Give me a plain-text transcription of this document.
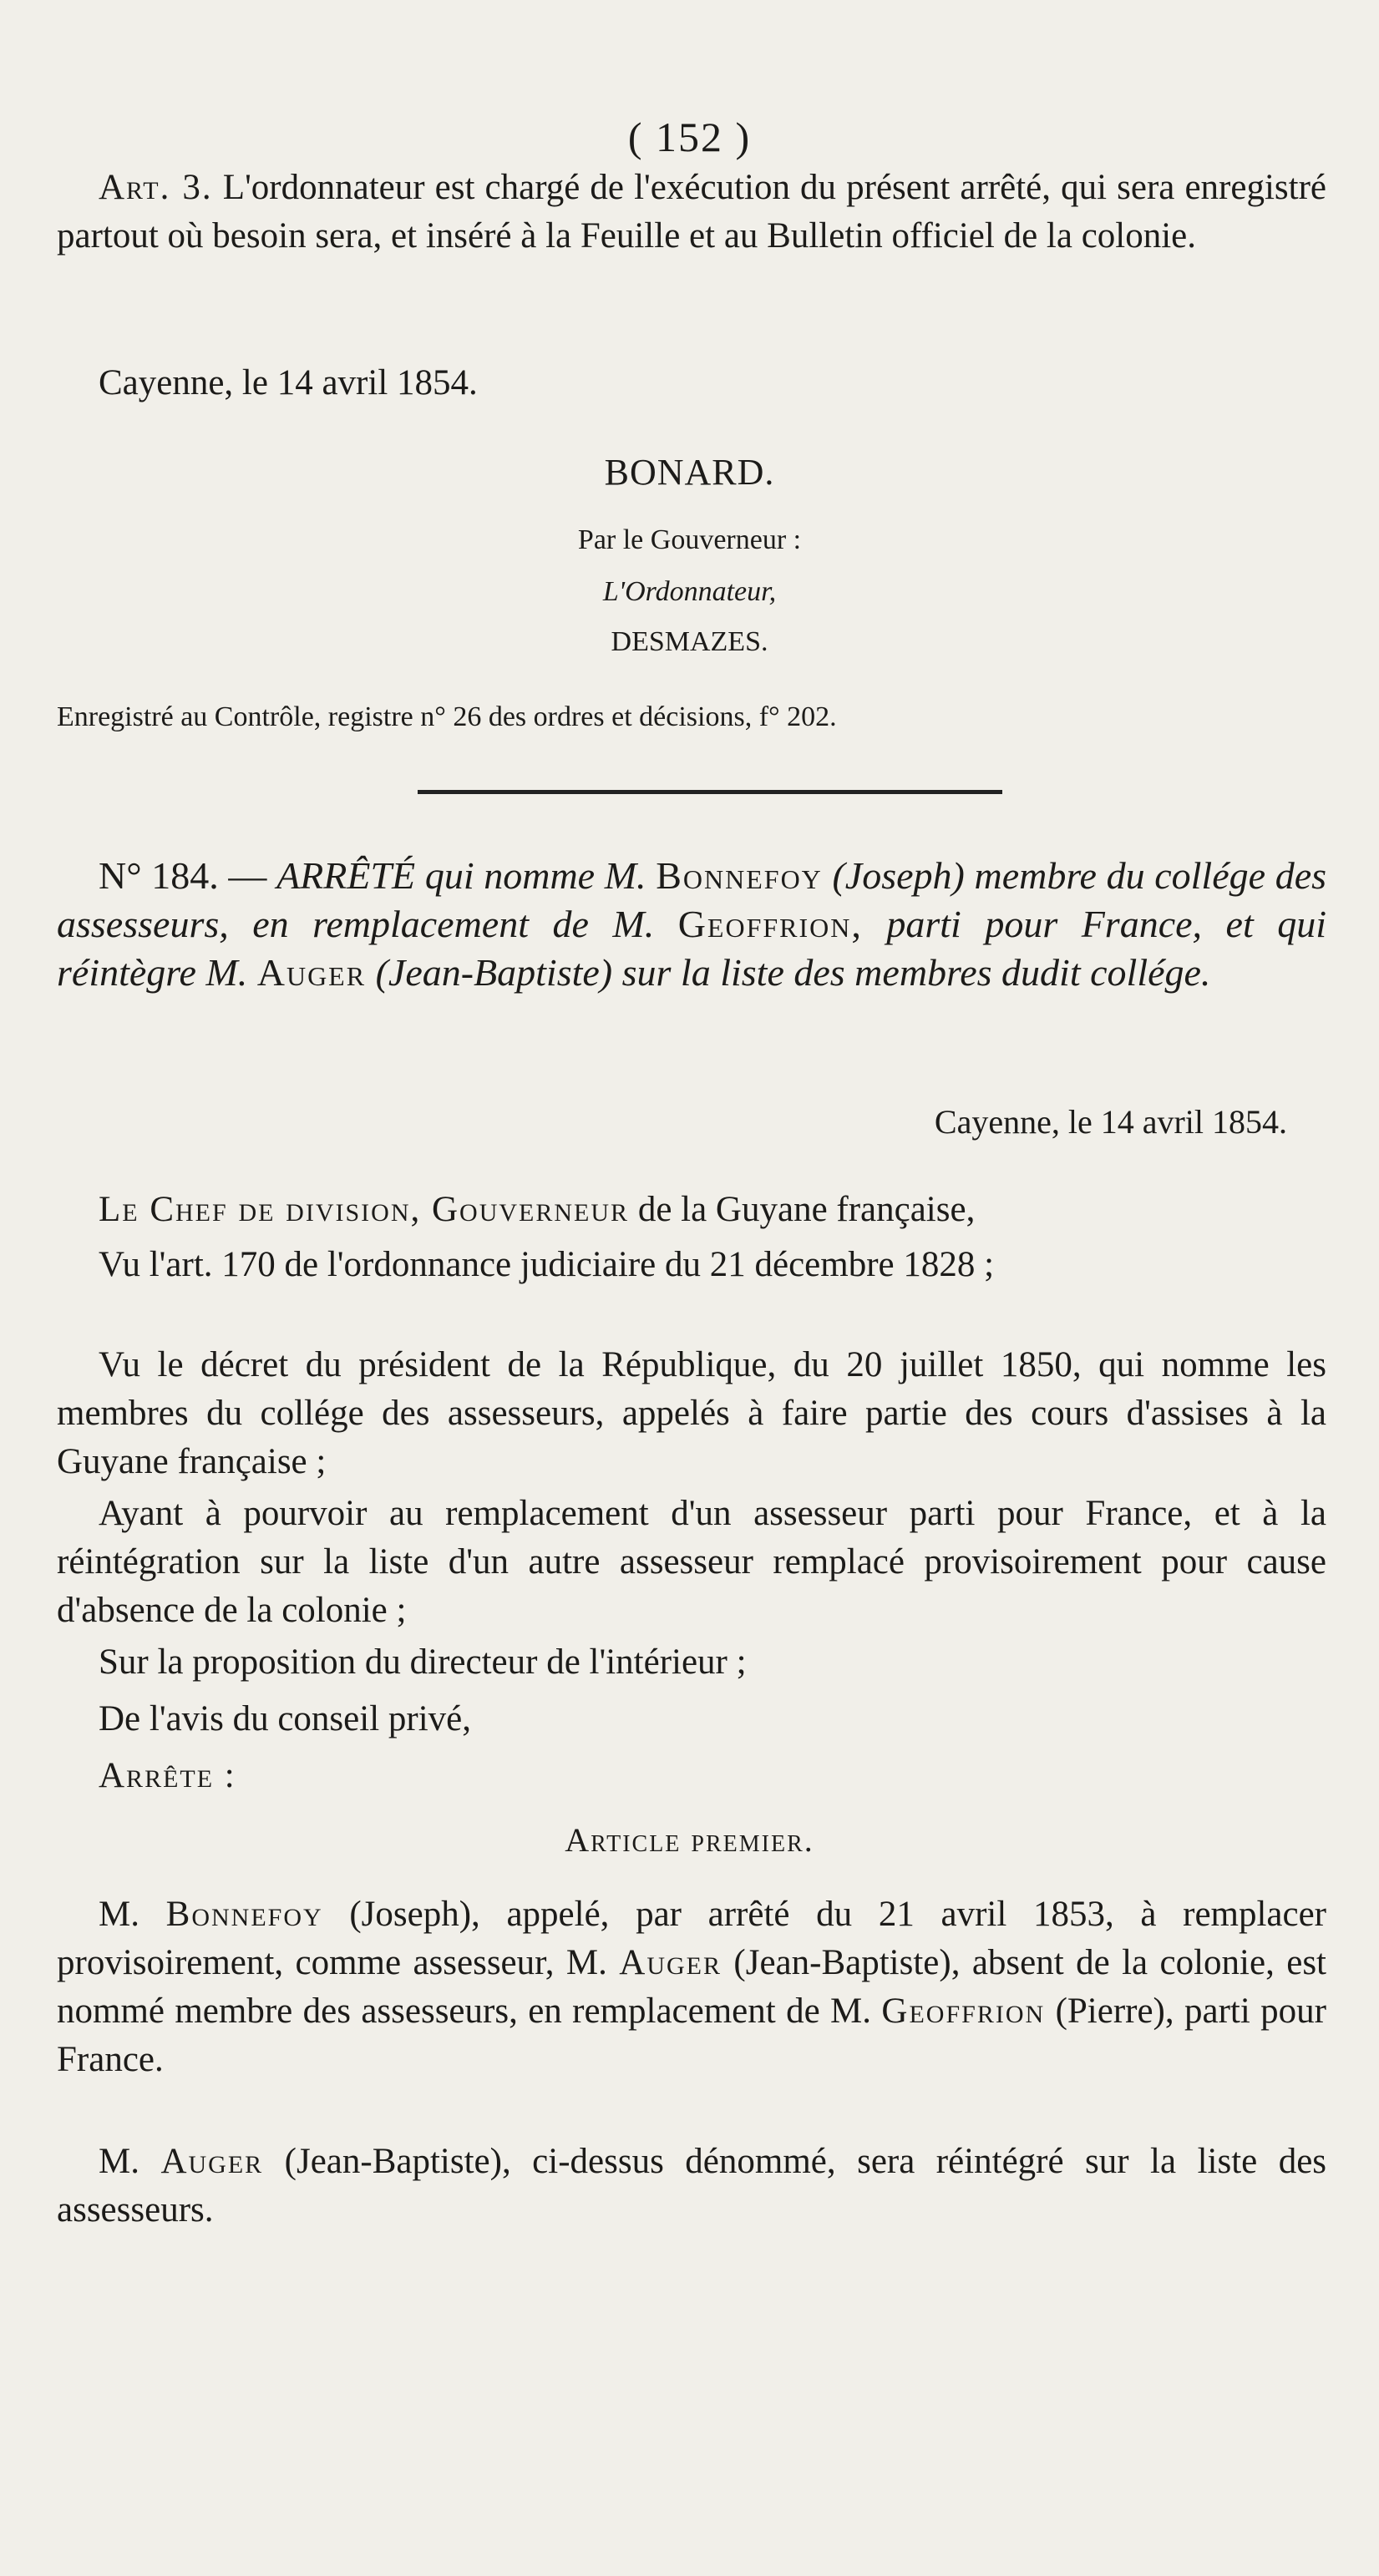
( 152 )

Art. 3. L'ordonnateur est chargé de l'exécution du présent arrêté, qui sera enregistré partout où besoin sera, et inséré à la Feuille et au Bulletin officiel de la colonie.

Cayenne, le 14 avril 1854.

BONARD.

Par le Gouverneur :

L'Ordonnateur,

DESMAZES.

Enregistré au Contrôle, registre n° 26 des ordres et décisions, f° 202.

N° 184. — ARRÊTÉ qui nomme M. Bonnefoy (Joseph) membre du collége des assesseurs, en remplacement de M. Geoffrion, parti pour France, et qui réintègre M. Auger (Jean-Baptiste) sur la liste des membres dudit collége.

Cayenne, le 14 avril 1854.

Le Chef de division, Gouverneur de la Guyane française,

Vu l'art. 170 de l'ordonnance judiciaire du 21 décembre 1828 ;

Vu le décret du président de la République, du 20 juillet 1850, qui nomme les membres du collége des assesseurs, appelés à faire partie des cours d'assises à la Guyane française ;

Ayant à pourvoir au remplacement d'un assesseur parti pour France, et à la réintégration sur la liste d'un autre assesseur remplacé provisoirement pour cause d'absence de la colonie ;

Sur la proposition du directeur de l'intérieur ;

De l'avis du conseil privé,

Arrête :

Article premier.

M. Bonnefoy (Joseph), appelé, par arrêté du 21 avril 1853, à remplacer provisoirement, comme assesseur, M. Auger (Jean-Baptiste), absent de la colonie, est nommé membre des assesseurs, en remplacement de M. Geoffrion (Pierre), parti pour France.

M. Auger (Jean-Baptiste), ci-dessus dénommé, sera réintégré sur la liste des assesseurs.
